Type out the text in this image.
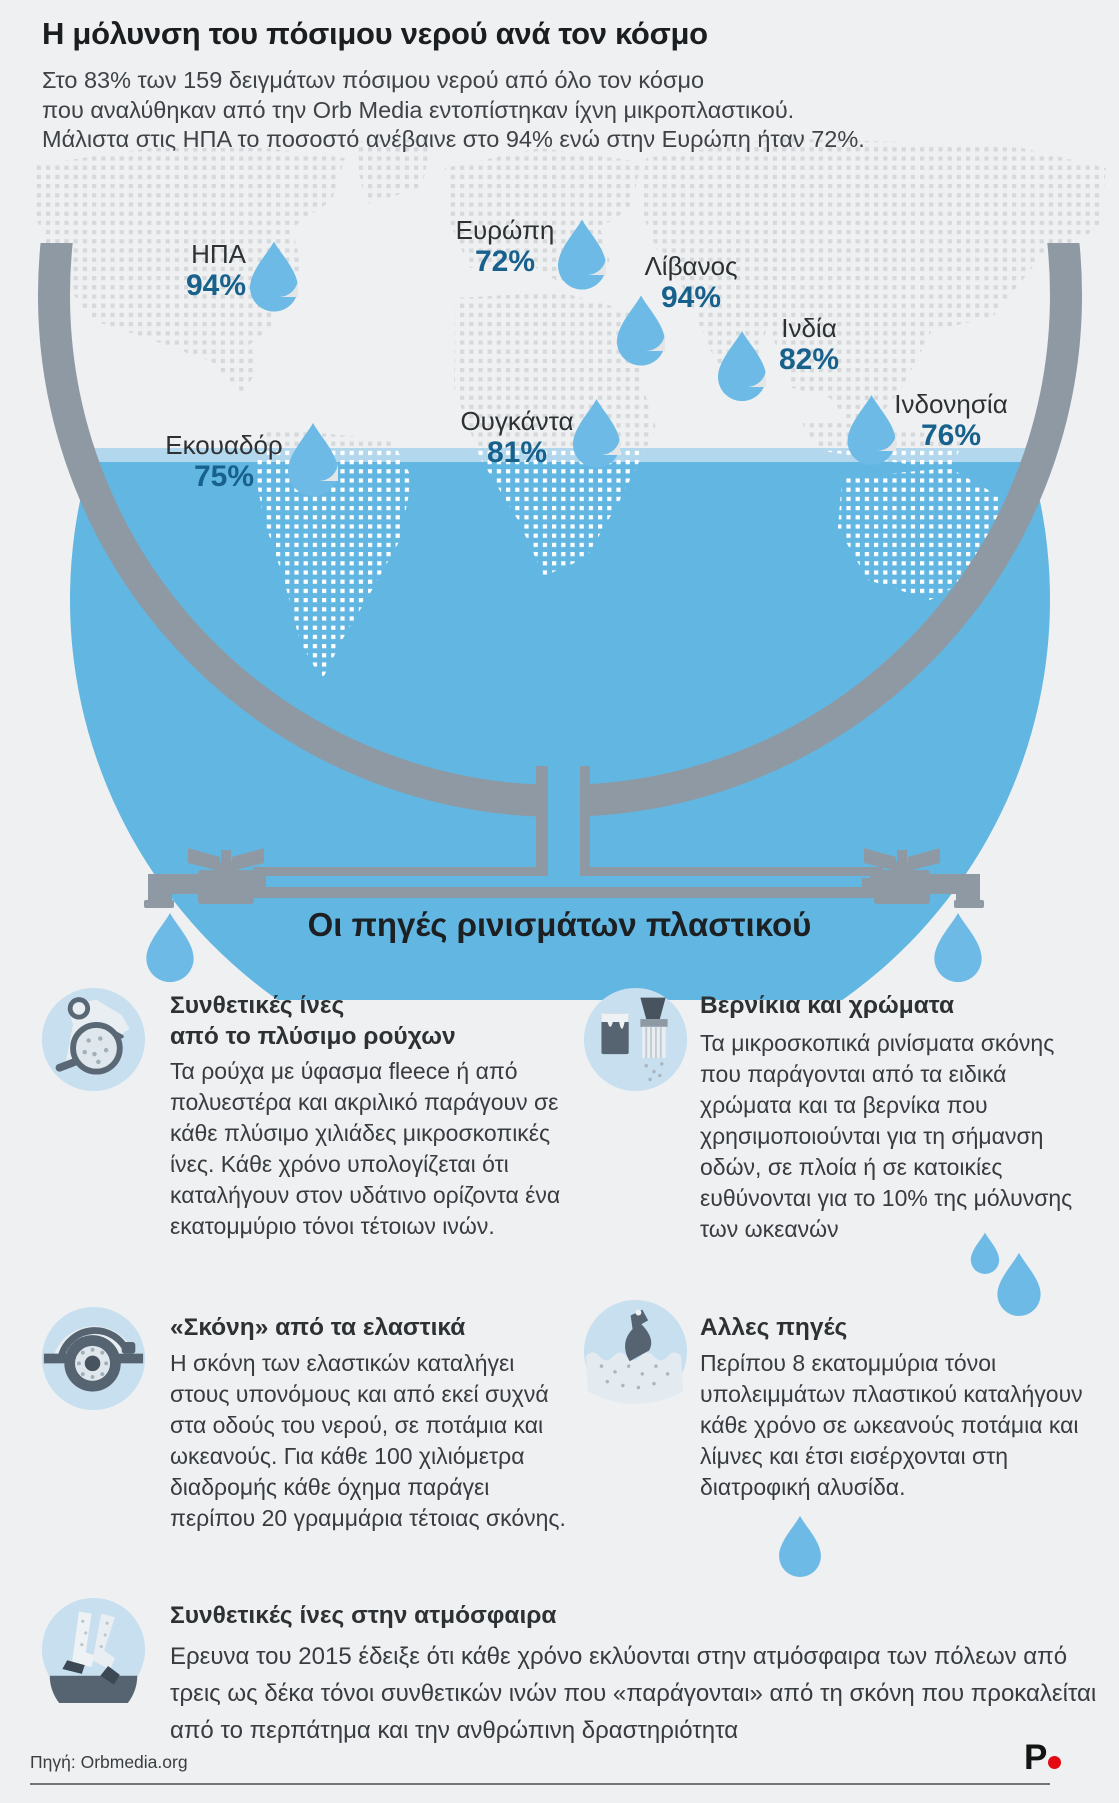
Η μόλυνση του πόσιμου νερού ανά τον κόσμο
Στο 83% των 159 δειγμάτων πόσιμου νερού από όλο τον κόσμο
που αναλύθηκαν από την Orb Media εντοπίστηκαν ίχνη μικροπλαστικού.
Μάλιστα στις ΗΠΑ το ποσοστό ανέβαινε στο 94% ενώ στην Ευρώπη ήταν 72%.
ΗΠΑ
94%
Ευρώπη
72%	Λίβανος
94%
Ινδία
82%
Ουγκάντα
81%
Ινδονησία
76%
Εκουαδόρ
75%
Οι πηγές ρινισμάτων πλαστικού
Συνθετικές ίνες
από το πλύσιμο ρούχων
Τα ρούχα με ύφασμα fleece ή από πολυεστέρα και ακριλικό παράγουν σε κάθε πλύσιμο χιλιάδες μικροσκοπικές ίνες. Κάθε χρόνο υπολογίζεται ότι καταλήγουν στον υδάτινο ορίζοντα ένα εκατομμύριο τόνοι τέτοιων ινών.
Βερνίκια και χρώματα
Τα μικροσκοπικά ρινίσματα σκόνης που παράγονται από τα ειδικά χρώματα και τα βερνίκα που χρησιμοποιούνται για τη σήμανση οδών, σε πλοία ή σε κατοικίες ευθύνονται για το 10% της μόλυνσης των ωκεανών
«Σκόνη» από τα ελαστικά
Η σκόνη των ελαστικών καταλήγει στους υπονόμους και από εκεί συχνά στα οδούς του νερού, σε ποτάμια και ωκεανούς. Για κάθε 100 χιλιόμετρα διαδρομής κάθε όχημα παράγει περίπου 20 γραμμάρια τέτοιας σκόνης.
Αλλες πηγές
Περίπου 8 εκατομμύρια τόνοι υπολειμμάτων πλαστικού καταλήγουν κάθε χρόνο σε ωκεανούς ποτάμια και λίμνες και έτσι εισέρχονται στη διατροφική αλυσίδα.
Συνθετικές ίνες στην ατμόσφαιρα
Ερευνα του 2015 έδειξε ότι κάθε χρόνο εκλύονται στην ατμόσφαιρα των πόλεων από τρεις ως δέκα τόνοι συνθετικών ινών που «παράγονται» από τη σκόνη που προκαλείται από το περπάτημα και την ανθρώπινη δραστηριότητα
Πηγή: Orbmedia.org	P
